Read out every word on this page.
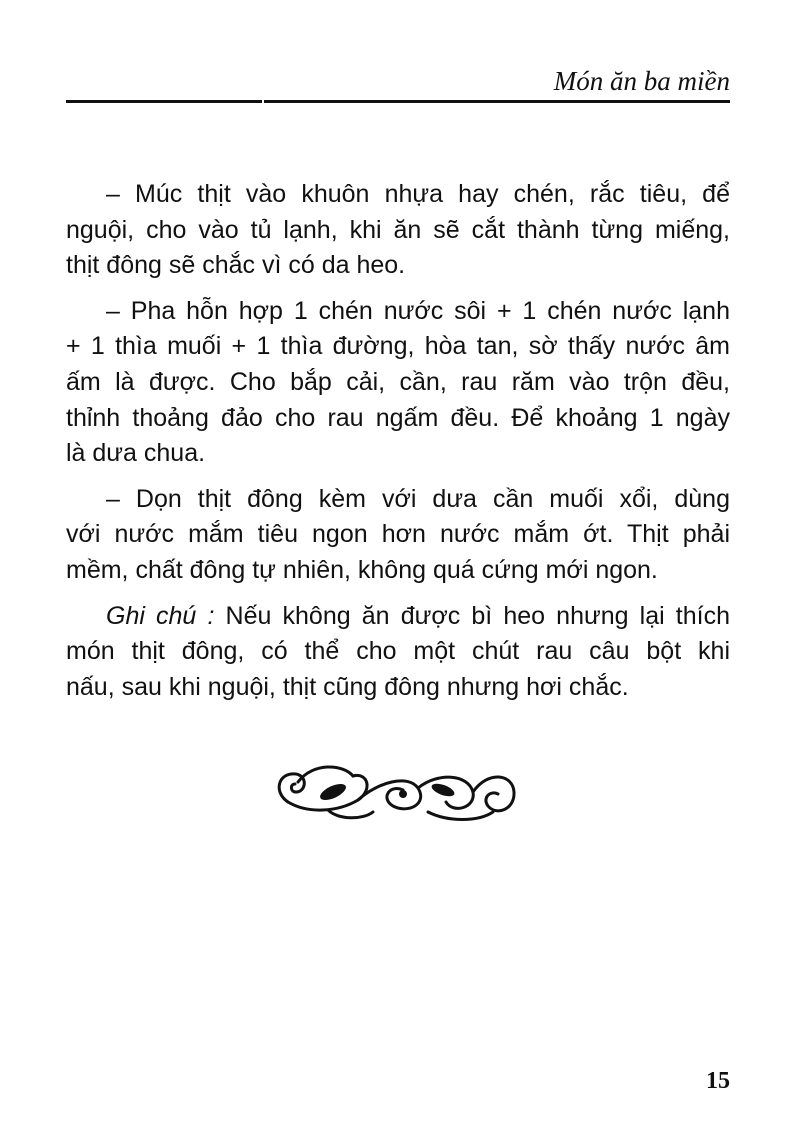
Món ăn ba miền
– Múc thịt vào khuôn nhựa hay chén, rắc tiêu, để
nguội, cho vào tủ lạnh, khi ăn sẽ cắt thành từng miếng,
thịt đông sẽ chắc vì có da heo.
– Pha hỗn hợp 1 chén nước sôi + 1 chén nước lạnh
+ 1 thìa muối + 1 thìa đường, hòa tan, sờ thấy nước âm
ấm là được. Cho bắp cải, cần, rau răm vào trộn đều,
thỉnh thoảng đảo cho rau ngấm đều. Để khoảng 1 ngày
là dưa chua.
– Dọn thịt đông kèm với dưa cần muối xổi, dùng
với nước mắm tiêu ngon hơn nước mắm ớt. Thịt phải
mềm, chất đông tự nhiên, không quá cứng mới ngon.
Ghi chú : Nếu không ăn được bì heo nhưng lại thích
món thịt đông, có thể cho một chút rau câu bột khi
nấu, sau khi nguội, thịt cũng đông nhưng hơi chắc.
15
